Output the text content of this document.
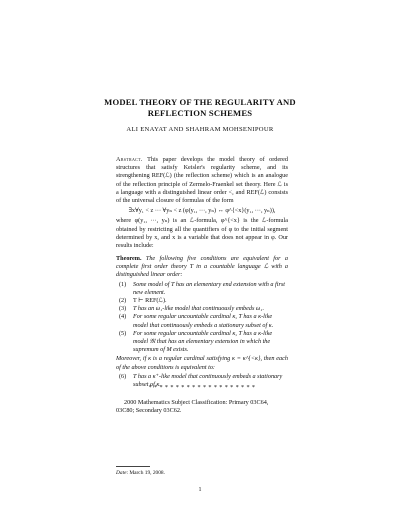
MODEL THEORY OF THE REGULARITY AND
REFLECTION SCHEMES
ALI ENAYAT AND SHAHRAM MOHSENIPOUR
Abstract. This paper develops the model theory of ordered structures that satisfy Keisler's regularity scheme, and its strengthening REF(ℒ) (the reflection scheme) which is an analogue of the reflection principle of Zermelo-Fraenkel set theory. Here ℒ is a language with a distinguished linear order <, and REF(ℒ) consists of the universal closure of formulas of the form
∃x∀y₁ < z ··· ∀yₙ < z (φ(y₁, ···, yₙ) ↔ φ^{<x}(y₁, ···, yₙ)),
where φ(y₁, ···, yₙ) is an ℒ-formula, φ^{<x} is the ℒ-formula obtained by restricting all the quantifiers of φ to the initial segment determined by x, and x is a variable that does not appear in φ. Our results include:
Theorem. The following five conditions are equivalent for a complete first order theory T in a countable language ℒ with a distinguished linear order:
(1) Some model of T has an elementary end extension with a first new element.
(2) T ⊢ REF(ℒ).
(3) T has an ω₁-like model that continuously embeds ω₁.
(4) For some regular uncountable cardinal κ, T has a κ-like model that continuously embeds a stationary subset of κ.
(5) For some regular uncountable cardinal κ, T has a κ-like model 𝔐 that has an elementary extension in which the supremum of M exists.
Moreover, if κ is a regular cardinal satisfying κ = κ^{<κ}, then each of the above conditions is equivalent to:
(6) T has a κ⁺-like model that continuously embeds a stationary subset of κ.
* * * * * * * * * * * * * * * * * * * *
2000 Mathematics Subject Classification: Primary 03C64, 03C80; Secondary 03C62.
Date: March 19, 2008.
1
